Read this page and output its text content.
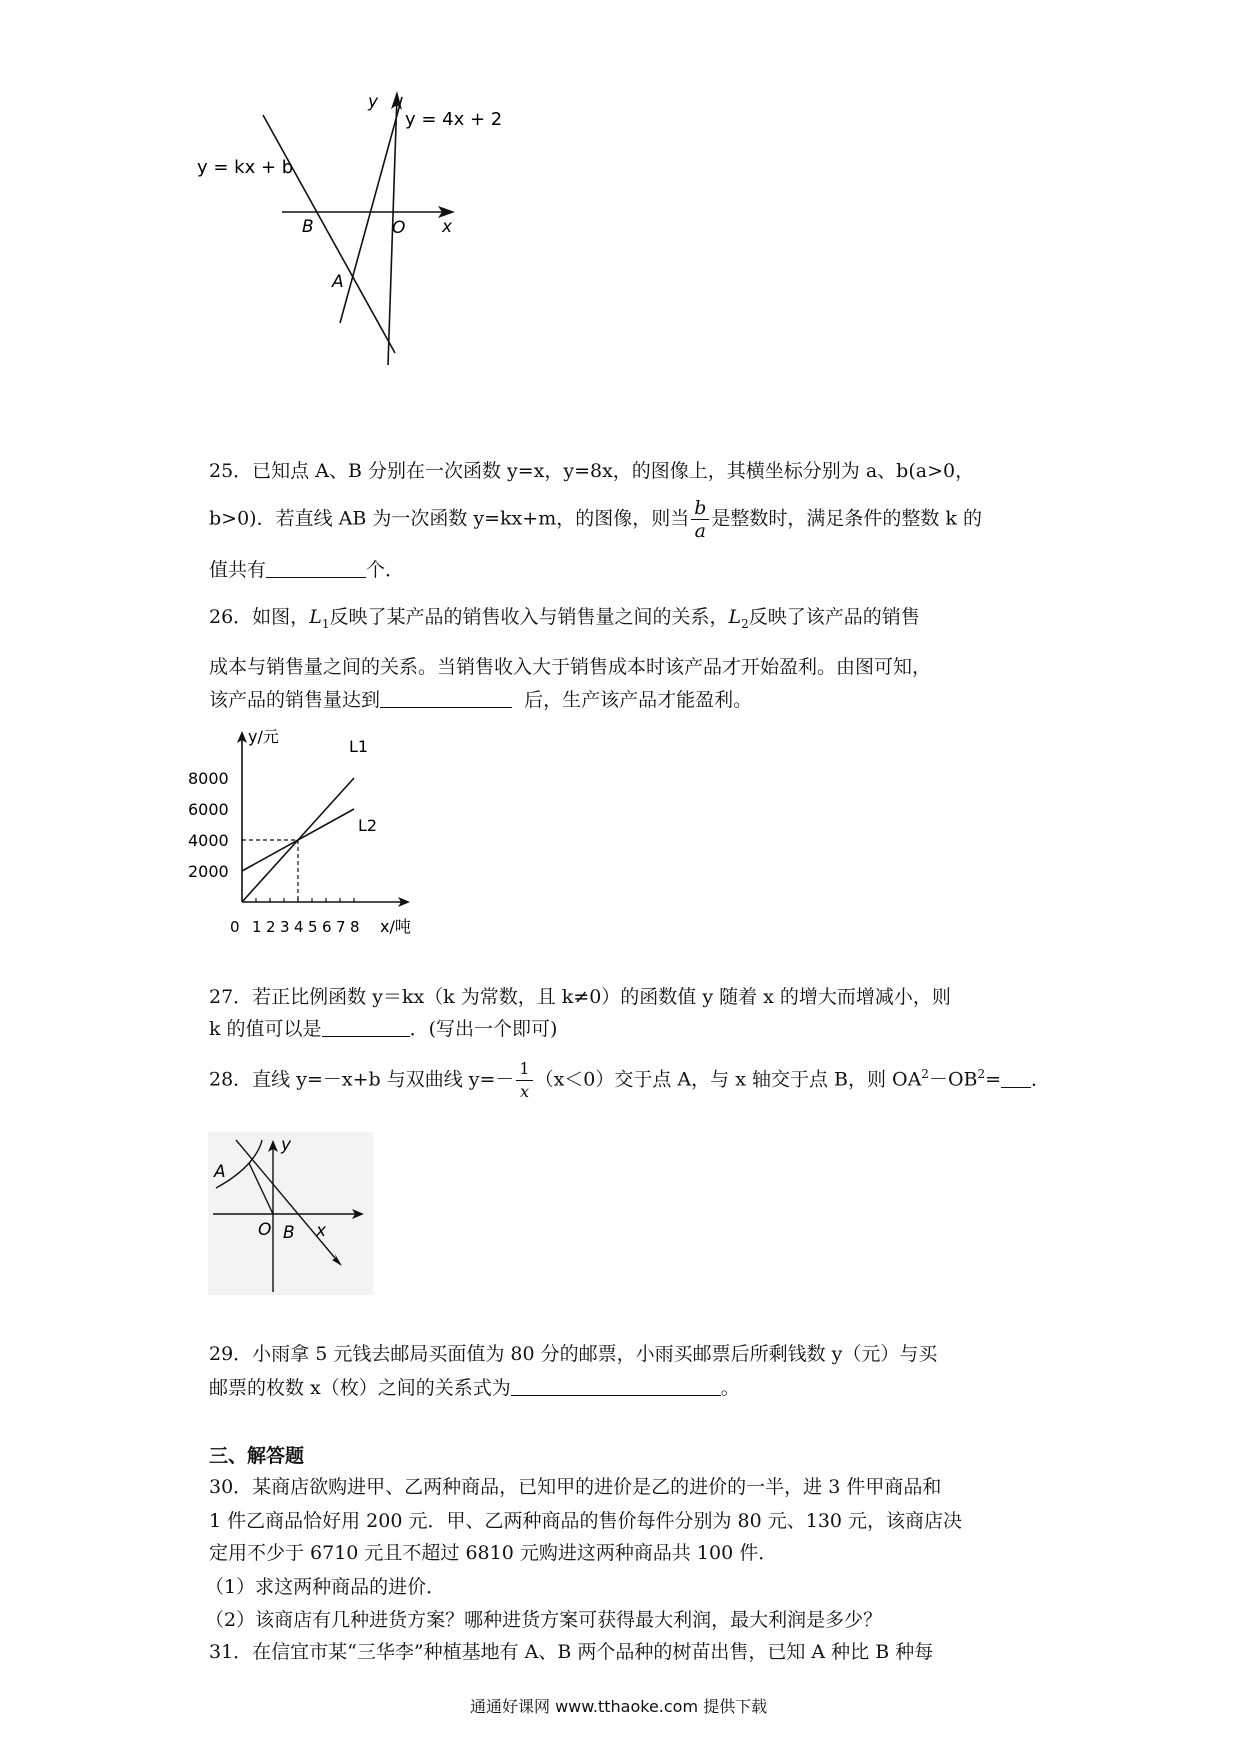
y
x
y = kx + b
y = 4x + 2
B	O
A
25．已知点 A、B 分别在一次函数 y=x，y=8x，的图像上，其横坐标分别为 a、b(a>0，
b>0)．若直线 AB 为一次函数 y=kx+m，的图像，则当 $\frac{b}{a}$ 是整数时，满足条件的整数 k 的
值共有	个．
26．如图，$L_1$反映了某产品的销售收入与销售量之间的关系，$L_2$反映了该产品的销售
成本与销售量之间的关系。当销售收入大于销售成本时该产品才开始盈利。由图可知，
该产品的销售量达到	后，生产该产品才能盈利。
y/元
x/吨
8000
6000
4000
2000
0 1 2 3 4 5 6 7 8
L1
L2
27．若正比例函数 y＝kx（k 为常数，且 k≠0）的函数值 y 随着 x 的增大而增减小，则
k 的值可以是	．(写出一个即可)
28．直线 y=－x+b 与双曲线 $y=- \frac{1}{x} (x<0)$交于点 A，与 x 轴交于点 B，则 $OA^2-OB^2=$ ．
y
x
A
O B
29．小雨拿 5 元钱去邮局买面值为 80 分的邮票，小雨买邮票后所剩钱数 y（元）与买
邮票的枚数 x（枚）之间的关系式为	。
三、解答题
30．某商店欲购进甲、乙两种商品，已知甲的进价是乙的进价的一半，进 3 件甲商品和
1 件乙商品恰好用 200 元．甲、乙两种商品的售价每件分别为 80 元、130 元，该商店决
定用不少于 6710 元且不超过 6810 元购进这两种商品共 100 件．
（1）求这两种商品的进价．
（2）该商店有几种进货方案？哪种进货方案可获得最大利润，最大利润是多少？
31．在信宜市某“三华李”种植基地有 A、B 两个品种的树苗出售，已知 A 种比 B 种每
通通好课网 www.tthaoke.com 提供下载
